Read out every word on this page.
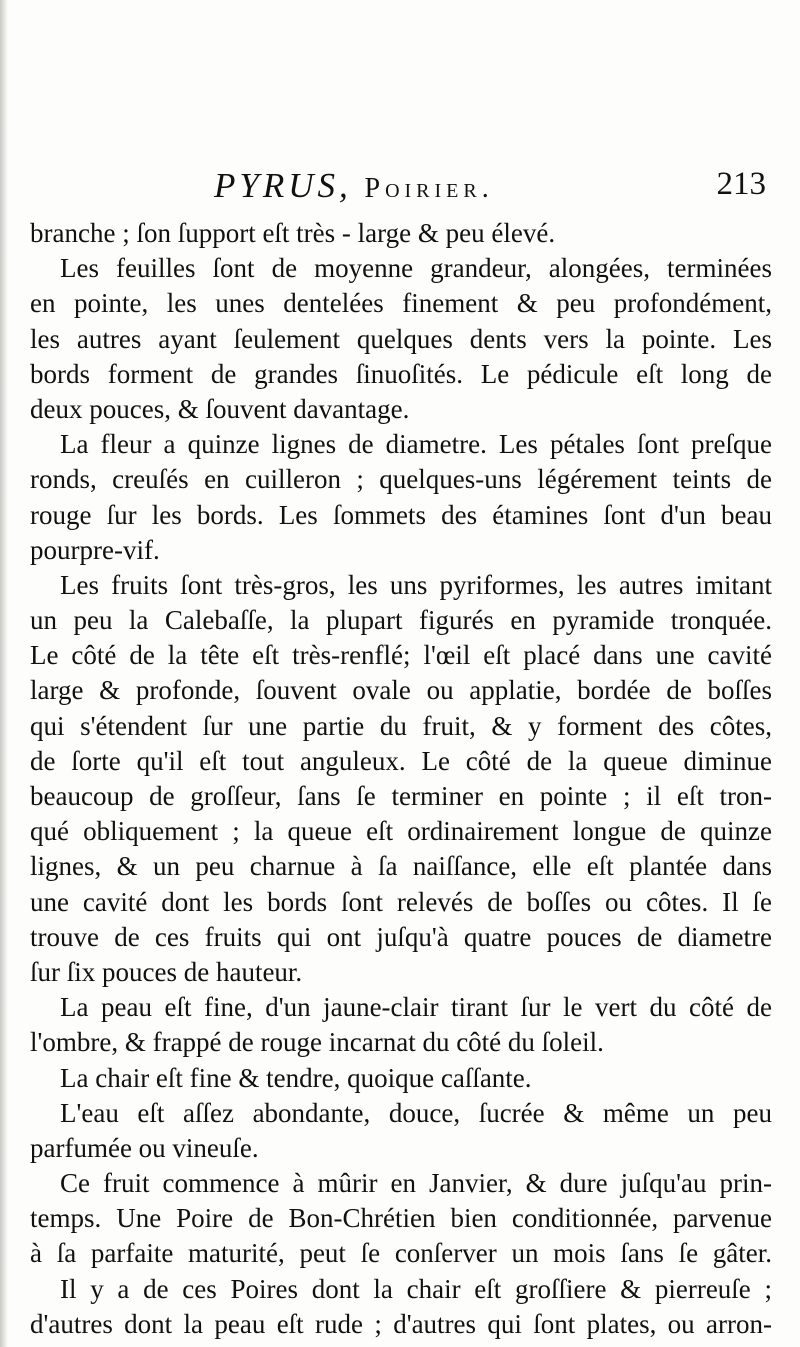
PYRUS, Poirier.	213
branche ; ſon ſupport eſt très - large & peu élevé.
Les feuilles ſont de moyenne grandeur, alongées, terminées
en pointe, les unes dentelées finement & peu profondément,
les autres ayant ſeulement quelques dents vers la pointe. Les
bords forment de grandes ſinuoſités. Le pédicule eſt long de
deux pouces, & ſouvent davantage.
La fleur a quinze lignes de diametre. Les pétales ſont preſque
ronds, creuſés en cuilleron ; quelques-uns légérement teints de
rouge ſur les bords. Les ſommets des étamines ſont d'un beau
pourpre-vif.
Les fruits ſont très-gros, les uns pyriformes, les autres imitant
un peu la Calebaſſe, la plupart figurés en pyramide tronquée.
Le côté de la tête eſt très-renflé; l'œil eſt placé dans une cavité
large & profonde, ſouvent ovale ou applatie, bordée de boſſes
qui s'étendent ſur une partie du fruit, & y forment des côtes,
de ſorte qu'il eſt tout anguleux. Le côté de la queue diminue
beaucoup de groſſeur, ſans ſe terminer en pointe ; il eſt tron-
qué obliquement ; la queue eſt ordinairement longue de quinze
lignes, & un peu charnue à ſa naiſſance, elle eſt plantée dans
une cavité dont les bords ſont relevés de boſſes ou côtes. Il ſe
trouve de ces fruits qui ont juſqu'à quatre pouces de diametre
ſur ſix pouces de hauteur.
La peau eſt fine, d'un jaune-clair tirant ſur le vert du côté de
l'ombre, & frappé de rouge incarnat du côté du ſoleil.
La chair eſt fine & tendre, quoique caſſante.
L'eau eſt aſſez abondante, douce, ſucrée & même un peu
parfumée ou vineuſe.
Ce fruit commence à mûrir en Janvier, & dure juſqu'au prin-
temps. Une Poire de Bon-Chrétien bien conditionnée, parvenue
à ſa parfaite maturité, peut ſe conſerver un mois ſans ſe gâter.
Il y a de ces Poires dont la chair eſt groſſiere & pierreuſe ;
d'autres dont la peau eſt rude ; d'autres qui ſont plates, ou arron-
